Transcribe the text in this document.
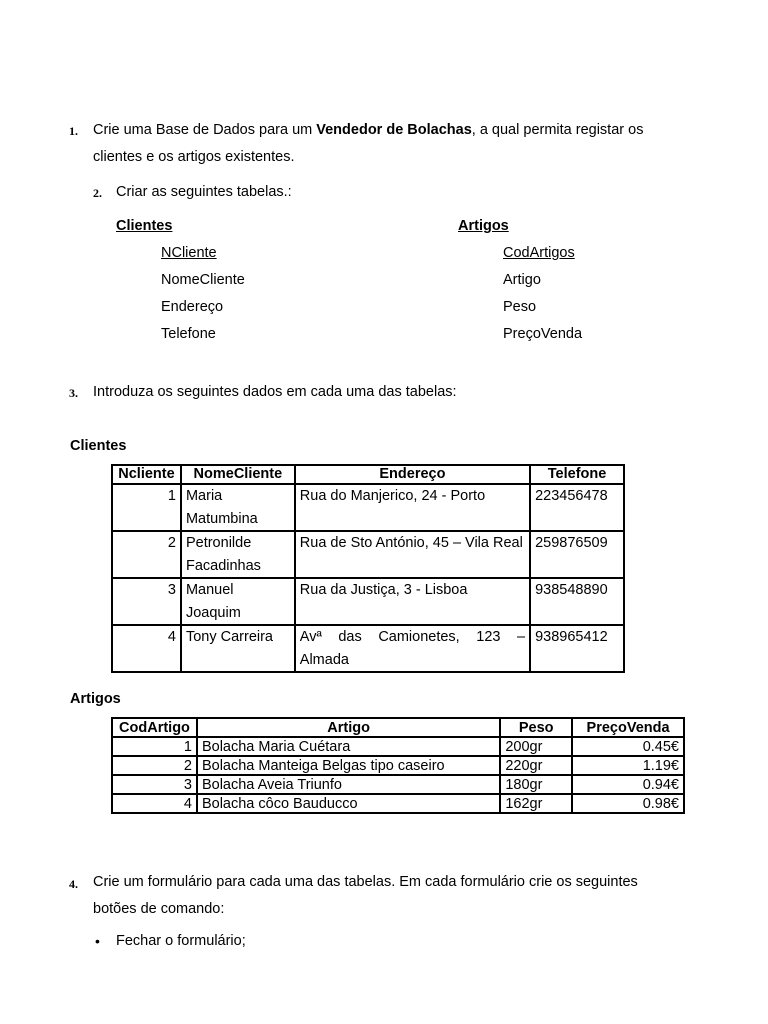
1. Crie uma Base de Dados para um Vendedor de Bolachas, a qual permita registar os
clientes e os artigos existentes.
2. Criar as seguintes tabelas.:
Clientes
NCliente
NomeCliente
Endereço
Telefone
Artigos
CodArtigos
Artigo
Peso
PreçoVenda
3. Introduza os seguintes dados em cada uma das tabelas:
Clientes
Ncliente	NomeCliente	Endereço	Telefone
1	Maria Matumbina	Rua do Manjerico, 24 - Porto	223456478
2	Petronilde Facadinhas	Rua de Sto António, 45 – Vila Real	259876509
3	Manuel Joaquim	Rua da Justiça, 3 - Lisboa	938548890
4	Tony Carreira	Avª das Camionetes, 123 – Almada	938965412
Artigos
CodArtigo	Artigo	Peso	PreçoVenda
1	Bolacha Maria Cuétara	200gr	0.45€
2	Bolacha Manteiga Belgas tipo caseiro	220gr	1.19€
3	Bolacha Aveia Triunfo	180gr	0.94€
4	Bolacha côco Bauducco	162gr	0.98€
4. Crie um formulário para cada uma das tabelas. Em cada formulário crie os seguintes
botões de comando:
• Fechar o formulário;
